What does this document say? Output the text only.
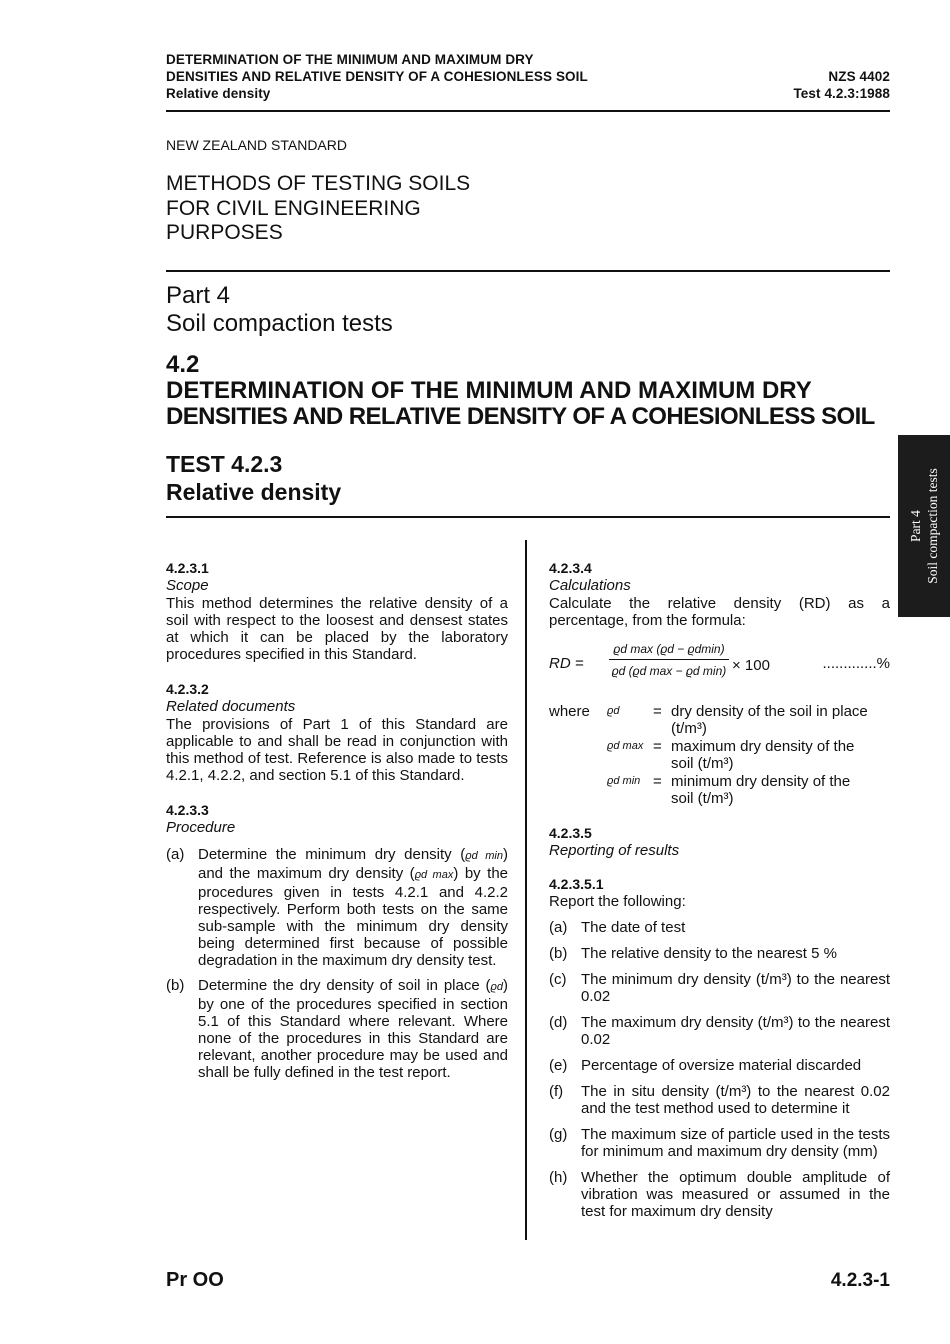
DETERMINATION OF THE MINIMUM AND MAXIMUM DRY
DENSITIES AND RELATIVE DENSITY OF A COHESIONLESS SOIL
Relative density
NZS 4402
Test 4.2.3:1988
NEW ZEALAND STANDARD
METHODS OF TESTING SOILS
FOR CIVIL ENGINEERING
PURPOSES
Part 4
Soil compaction tests
4.2
DETERMINATION OF THE MINIMUM AND MAXIMUM DRY
DENSITIES AND RELATIVE DENSITY OF A COHESIONLESS SOIL
TEST 4.2.3
Relative density
Part 4 Soil compaction tests
4.2.3.1
Scope
This method determines the relative density of a soil with respect to the loosest and densest states at which it can be placed by the laboratory procedures specified in this Standard.
4.2.3.2
Related documents
The provisions of Part 1 of this Standard are applicable to and shall be read in conjunction with this method of test. Reference is also made to tests 4.2.1, 4.2.2, and section 5.1 of this Standard.
4.2.3.3
Procedure
(a) Determine the minimum dry density (ϱd min) and the maximum dry density (ϱd max) by the procedures given in tests 4.2.1 and 4.2.2 respectively. Perform both tests on the same sub-sample with the minimum dry density being determined first because of possible degradation in the maximum dry density test.
(b) Determine the dry density of soil in place (ϱd) by one of the procedures specified in section 5.1 of this Standard where relevant. Where none of the procedures in this Standard are relevant, another procedure may be used and shall be fully defined in the test report.
4.2.3.4
Calculations
Calculate the relative density (RD) as a percentage, from the formula:
RD =
ϱd max (ϱd − ϱdmin)
ϱd (ϱd max − ϱd min) × 100	.............%
where ϱd = dry density of the soil in place
(t/m³)
ϱd max = maximum dry density of the
soil (t/m³)
ϱd min = minimum dry density of the
soil (t/m³)
4.2.3.5
Reporting of results
4.2.3.5.1
Report the following:
(a) The date of test
(b) The relative density to the nearest 5 %
(c) The minimum dry density (t/m³) to the nearest 0.02
(d) The maximum dry density (t/m³) to the nearest 0.02
(e) Percentage of oversize material discarded
(f) The in situ density (t/m³) to the nearest 0.02 and the test method used to determine it
(g) The maximum size of particle used in the tests for minimum and maximum dry density (mm)
(h) Whether the optimum double amplitude of vibration was measured or assumed in the test for maximum dry density
Pr OO	4.2.3-1
